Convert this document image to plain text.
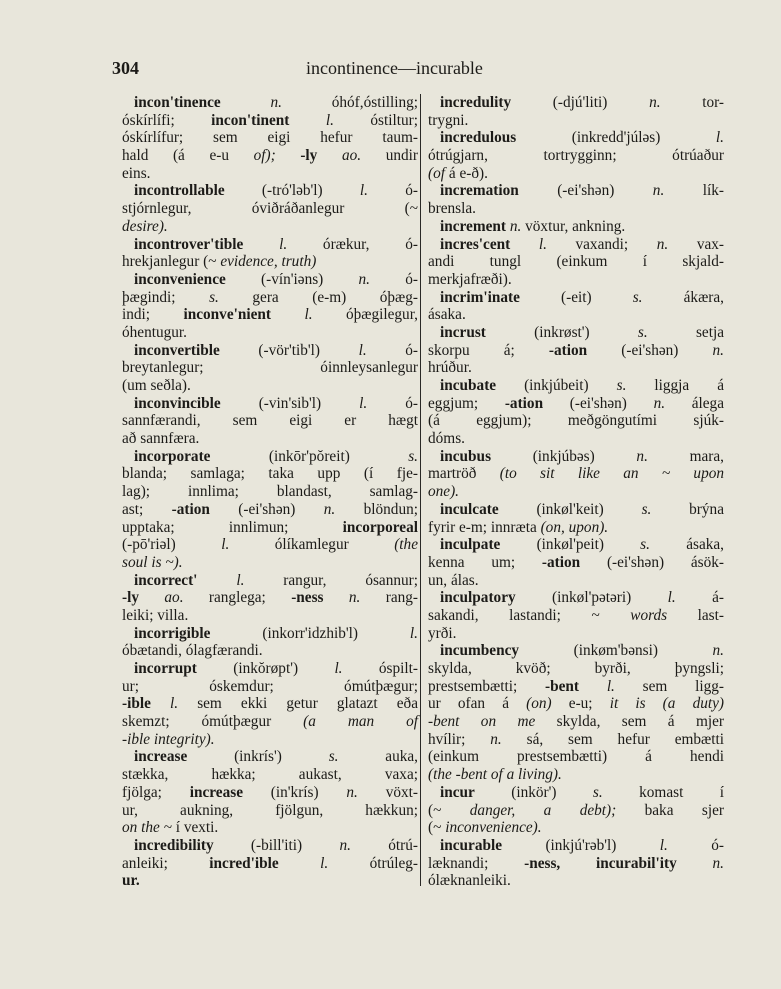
304	incontinence—incurable
incon'tinence	n. óhóf,óstilling;
óskírlífi; incon'tinent l. óstiltur;
óskírlífur; sem eigi hefur taum-
hald (á e-u of); -ly ao. undir
eins.
incontrollable (-tró'ləb'l) l. ó-
stjórnlegur, óviðráðanlegur (~
desire).
incontrover'tible l. órækur, ó-
hrekjanlegur (~ evidence, truth)
inconvenience (-vín'iəns) n. ó-
þægindi; s. gera (e-m) óþæg-
indi; inconve'nient l. óþægilegur,
óhentugur.
inconvertible (-vör'tib'l) l. ó-
breytanlegur; óinnleysanlegur
(um seðla).
inconvincible (-vin'sib'l) l. ó-
sannfærandi, sem eigi er hægt
að sannfæra.
incorporate (inkōr'pŏreit) s.
blanda; samlaga; taka upp (í fje-
lag); innlima; blandast, samlag-
ast; -ation (-ei'shən) n. blöndun;
upptaka; innlimun; incorporeal
(-pō'riəl) l. ólíkamlegur (the
soul is ~).
incorrect'	l. rangur, ósannur;
-ly ao. ranglega; -ness n. rang-
leiki; villa.
incorrigible (inkorr'idzhib'l) l.
óbætandi, ólagfærandi.
incorrupt (inkŏrøpt') l. óspilt-
ur; óskemdur; ómútþægur;
-ible l. sem ekki getur glatazt eða
skemzt; ómútþægur (a man of
-ible integrity).
increase (inkrís') s. auka,
stækka, hækka; aukast, vaxa;
fjölga; increase (in'krís) n. vöxt-
ur, aukning, fjölgun, hækkun;
on the ~ í vexti.
incredibility (-bill'iti) n. ótrú-
anleiki; incred'ible	l. ótrúleg-
ur.
incredulity (-djú'liti) n. tor-
trygni.
incredulous (inkredd'júləs) l.
ótrúgjarn, tortrygginn; ótrúaður
(of á e-ð).
incremation (-ei'shən) n. lík-
brensla.
increment n. vöxtur, ankning.
incres'cent l. vaxandi; n. vax-
andi tungl (einkum í skjald-
merkjafræði).
incrim'inate (-eit) s. ákæra,
ásaka.
incrust (inkrøst') s. setja
skorpu á; -ation (-ei'shən) n.
hrúður.
incubate (inkjúbeit) s. liggja á
eggjum; -ation (-ei'shən) n. álega
(á eggjum); meðgöngutími sjúk-
dóms.
incubus (inkjúbəs) n. mara,
martröð (to sit like an ~ upon
one).
inculcate (inkøl'keit) s. brýna
fyrir e-m; innræta (on, upon).
inculpate (inkøl'peit) s. ásaka,
kenna um; -ation (-ei'shən) ásök-
un, álas.
inculpatory (inkøl'pətəri) l. á-
sakandi, lastandi; ~ words last-
yrði.
incumbency (inkøm'bənsi) n.
skylda, kvöð; byrði, þyngsli;
prestsembætti; -bent l. sem ligg-
ur ofan á (on) e-u; it is (a duty)
-bent on me skylda, sem á mjer
hvílir; n. sá, sem hefur embætti
(einkum prestsembætti) á hendi
(the -bent of a living).
incur (inkör') s. komast í
(~ danger, a debt); baka sjer
(~ inconvenience).
incurable (inkjú'rəb'l) l. ó-
læknandi; -ness, incurabil'ity n.
ólæknanleiki.
